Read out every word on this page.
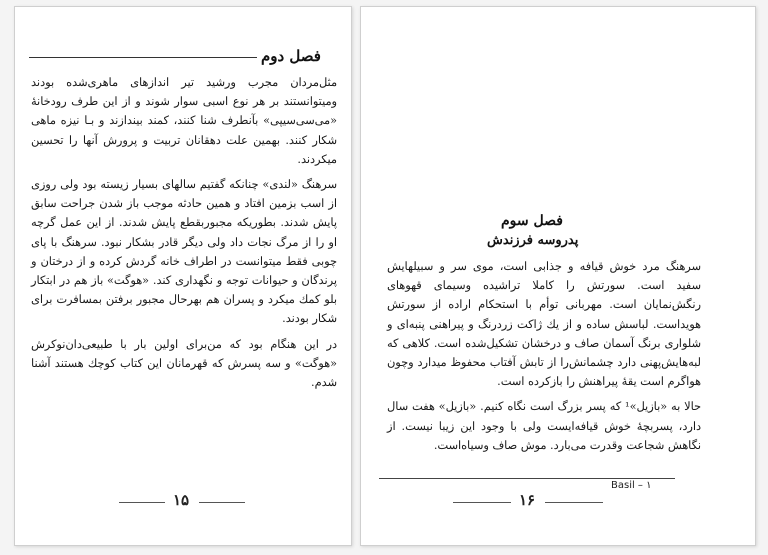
فصل دوم

مثل‌مردان مجرب ورشید تیر اندازهای ماهری‌شده بودند ومیتوانستند بر هر نوع اسبی سوار شوند و از این طرف رودخانهٔ «می‌سی‌سیپی» بآنطرف شنا کنند، کمند بیندازند و بـا نیزه ماهی شکار کنند. بهمین علت دهقانان تربیت و پرورش آنها را تحسین میکردند.

سرهنگ «لندی» چنانکه گفتیم سالهای بسیار زیسته بود ولی روزی از اسب بزمین افتاد و همین حادثه موجب باز شدن جراحت سابق پایش شدند. بطوریکه مجبوربقطع پایش شدند. از این عمل گرچه او را از مرگ نجات داد ولی دیگر قادر بشکار نبود. سرهنگ با پای چوبی فقط میتوانست در اطراف خانه گردش کرده و از درختان و پرندگان و حیوانات توجه و نگهداری کند. «هوگت» باز هم در ابتکار بلو کمك میکرد و پسران هم بهرحال مجبور برفتن بمسافرت برای شکار بودند.

در این هنگام بود که من‌برای اولین بار با طبیعی‌دان‌نوکرش «هوگت» و سه پسرش که قهرمانان این کتاب کوچك هستند آشنا شدم.

۱۵
فصل سوم
پدروسه فرزندش

سرهنگ مرد خوش قیافه و جذابی است، موی سر و سبیلهایش سفید است. سورتش را کاملا تراشیده وسیمای قهوهای رنگش‌نمایان است. مهربانی توأم با استحکام اراده از سورتش هویداست. لباسش ساده و از یك ژاکت زردرنگ و پیراهنی پنبه‌ای و شلواری برنگ آسمان صاف و درخشان تشکیل‌شده است. کلاهی که لبه‌هایش‌پهنی دارد چشمانش‌را از تابش آفتاب محفوظ میدارد وچون هواگرم است یقهٔ پیراهنش را بازکرده است.

حالا به «بازیل»¹ که پسر بزرگ است نگاه کنیم. «بازیل» هفت سال دارد، پسربچهٔ خوش قیافه‌ایست ولی با وجود این زیبا نیست. از نگاهش شجاعت وقدرت می‌بارد. موش صاف وسیاه‌است.

Basil – ۱
۱۶
